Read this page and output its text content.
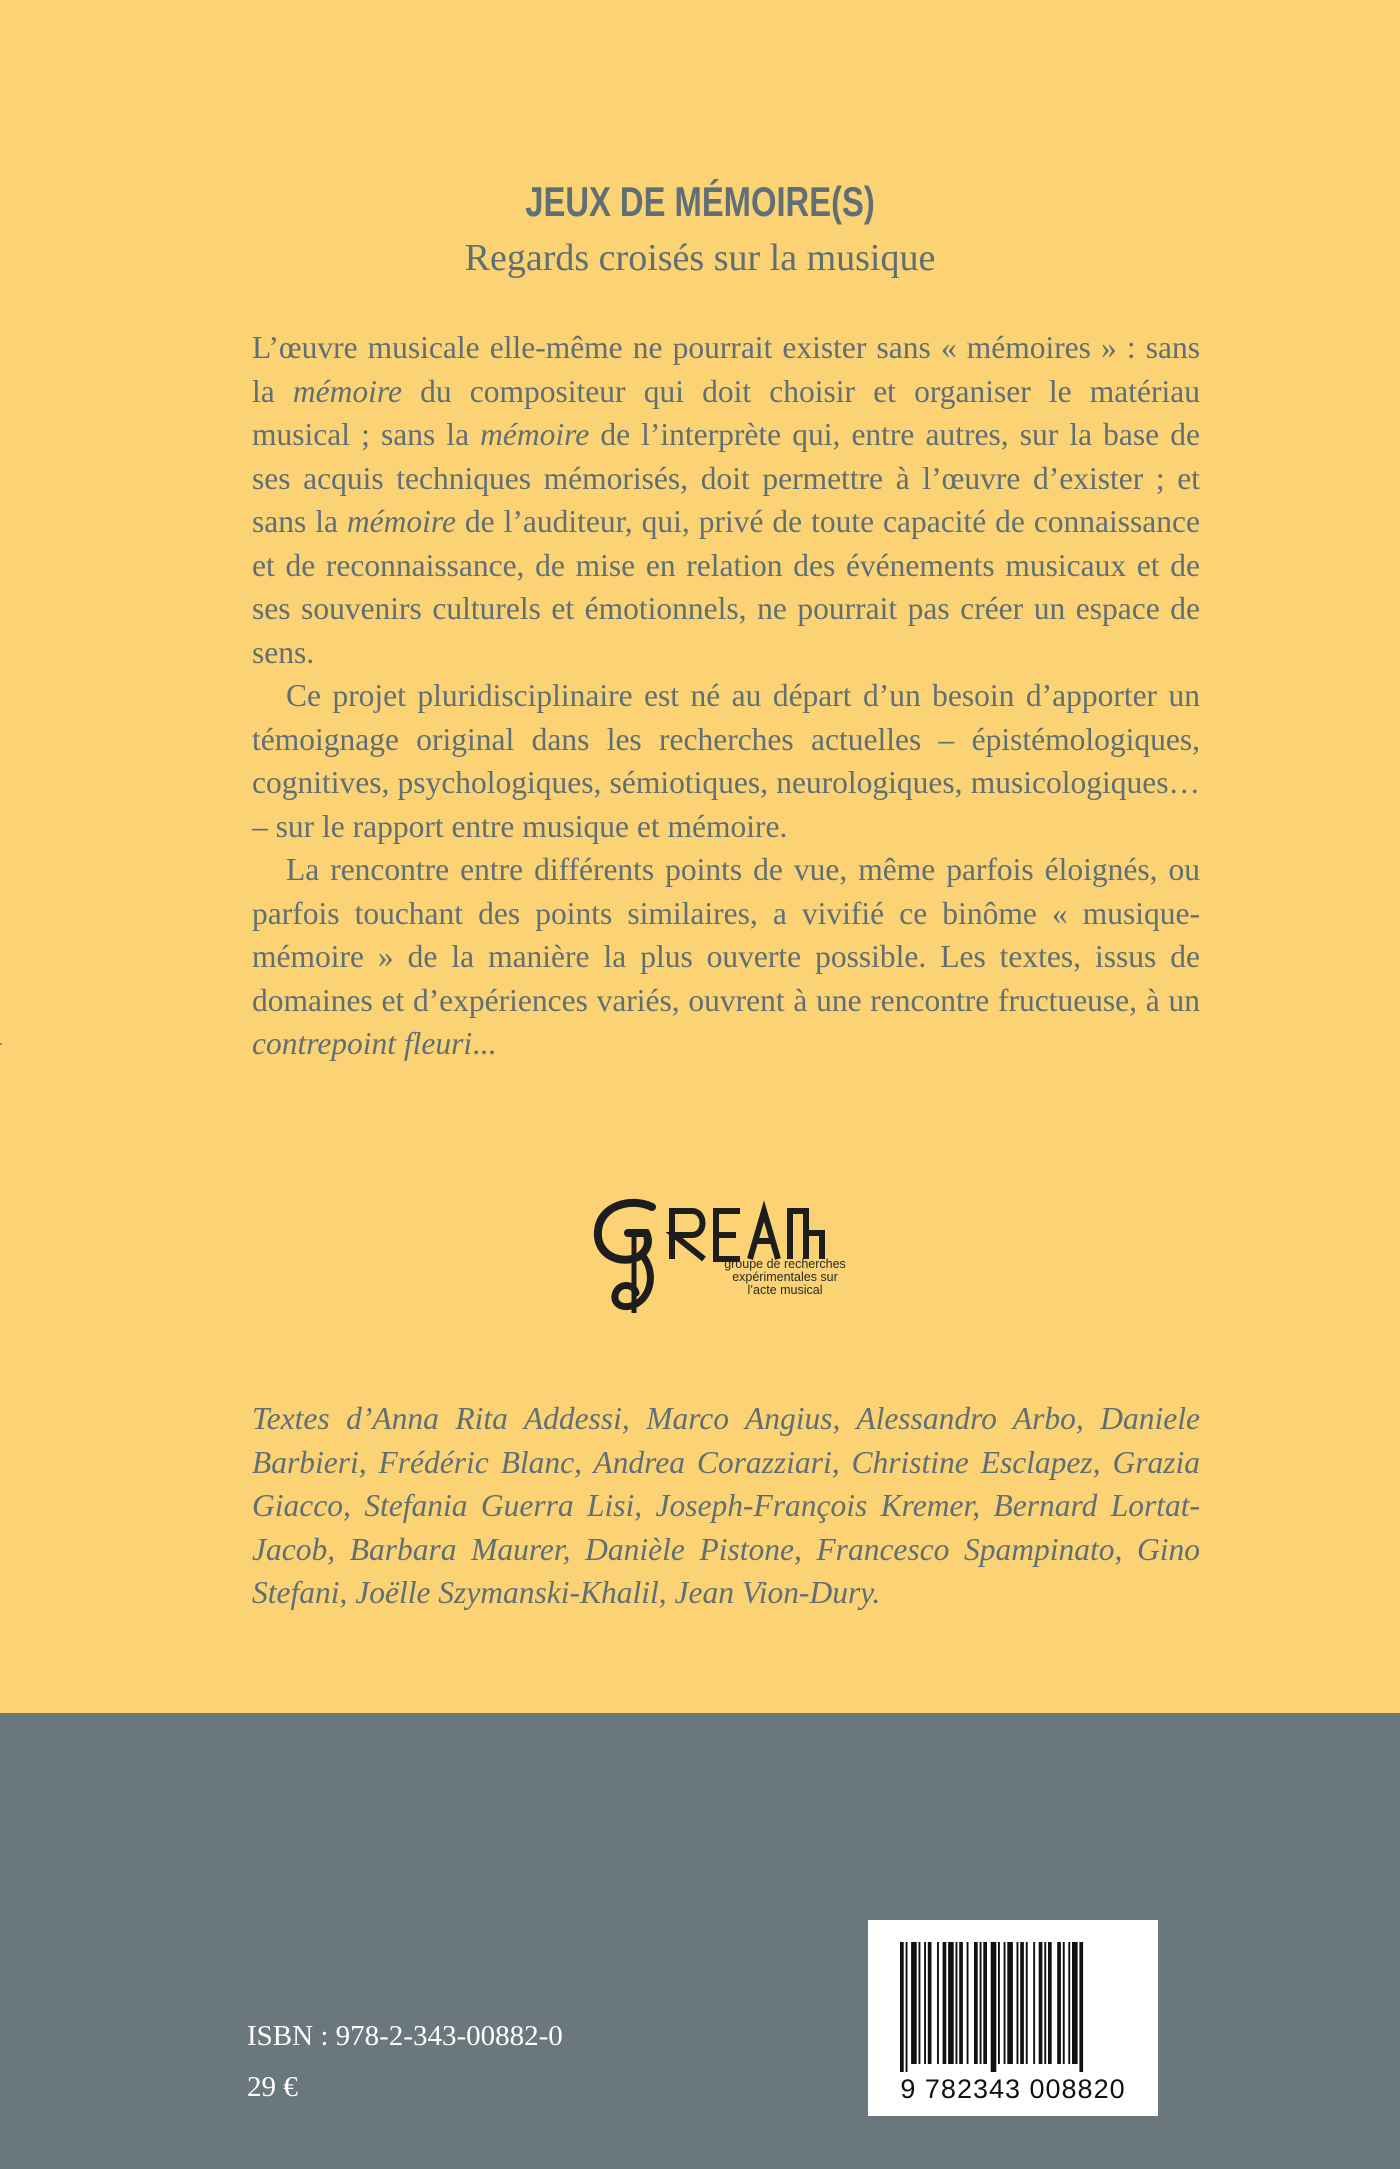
JEUX DE MÉMOIRE(S)
Regards croisés sur la musique

L’œuvre musicale elle-même ne pourrait exister sans « mémoires » : sans la mémoire du compositeur qui doit choisir et organiser le matériau musical ; sans la mémoire de l’interprète qui, entre autres, sur la base de ses acquis techniques mémorisés, doit permettre à l’œuvre d’exister ; et sans la mémoire de l’auditeur, qui, privé de toute capacité de connaissance et de reconnaissance, de mise en relation des événements musicaux et de ses souvenirs culturels et émotionnels, ne pourrait pas créer un espace de sens.

Ce projet pluridisciplinaire est né au départ d’un besoin d’apporter un témoignage original dans les recherches actuelles – épistémologiques, cognitives, psychologiques, sémiotiques, neurologiques, musicologiques… – sur le rapport entre musique et mémoire.

La rencontre entre différents points de vue, même parfois éloignés, ou parfois touchant des points similaires, a vivifié ce binôme « musique-mémoire » de la manière la plus ouverte possible. Les textes, issus de domaines et d’expériences variés, ouvrent à une rencontre fructueuse, à un contrepoint fleuri...

groupe de recherches
expérimentales sur
l’acte musical
Textes d’Anna Rita Addessi, Marco Angius, Alessandro Arbo, Daniele Barbieri, Frédéric Blanc, Andrea Corazziari, Christine Esclapez, Grazia Giacco, Stefania Guerra Lisi, Joseph-François Kremer, Bernard Lortat-Jacob, Barbara Maurer, Danièle Pistone, Francesco Spampinato, Gino Stefani, Joëlle Szymanski-Khalil, Jean Vion-Dury.
ISBN : 978-2-343-00882-0
29 €	9 782343 008820
